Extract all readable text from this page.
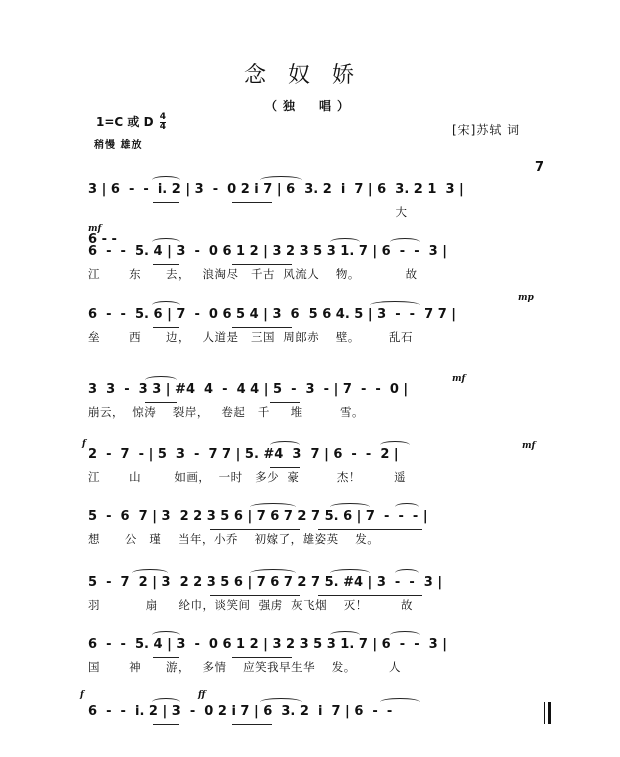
念奴娇
（独　唱）
1=C 或 D $\frac{4}{4}$
稍慢 雄放
[宋]苏轼 词
7
3 | 6  -  -  i. 2 | 3  -  0 2 i 7 | 6  3. 2  i  7 | 6  3. 2 1  3 |
大
mf
6 - -
6  -  -  5. 4 | 3  -  0 6 1 2 | 3 2 3 5 3 1. 7 | 6  -  -  3 |
江       东      去，   浪淘尽   千古  风流人    物。           故
mp
6  -  -  5. 6 | 7  -  0 6 5 4 | 3  6  5 6 4. 5 | 3  -  -  7 7 |
垒       西      边，   人道是   三国  周郎赤    壁。       乱石
mf
3  3  -  3 3 | #4  4  -  4 4 | 5  -  3  - | 7  -  -  0 |
崩云，  惊涛    裂岸，   卷起   千     堆         雪。
f	mf
2  -  7  - | 5  3  -  7 7 | 5. #4  3  7 | 6  -  -  2 |
江       山        如画，  一时   多少  豪         杰！        遥
5  -  6  7 | 3  2 2 3 5 6 | 7 6 7 2 7 5. 6 | 7  -  -  - |
想      公   瑾    当年，小乔    初嫁了，雄姿英    发。
5  -  7  2 | 3  2 2 3 5 6 | 7 6 7 2 7 5. #4 | 3  -  -  3 |
羽           扇     纶巾，谈笑间  强虏  灰飞烟    灭！        故
6  -  -  5. 4 | 3  -  0 6 1 2 | 3 2 3 5 3 1. 7 | 6  -  -  3 |
国       神      游，   多情    应笑我早生华    发。        人
f	ff
6  -  -  i. 2 | 3  -  0 2 i 7 | 6  3. 2  i  7 | 6  -  -
